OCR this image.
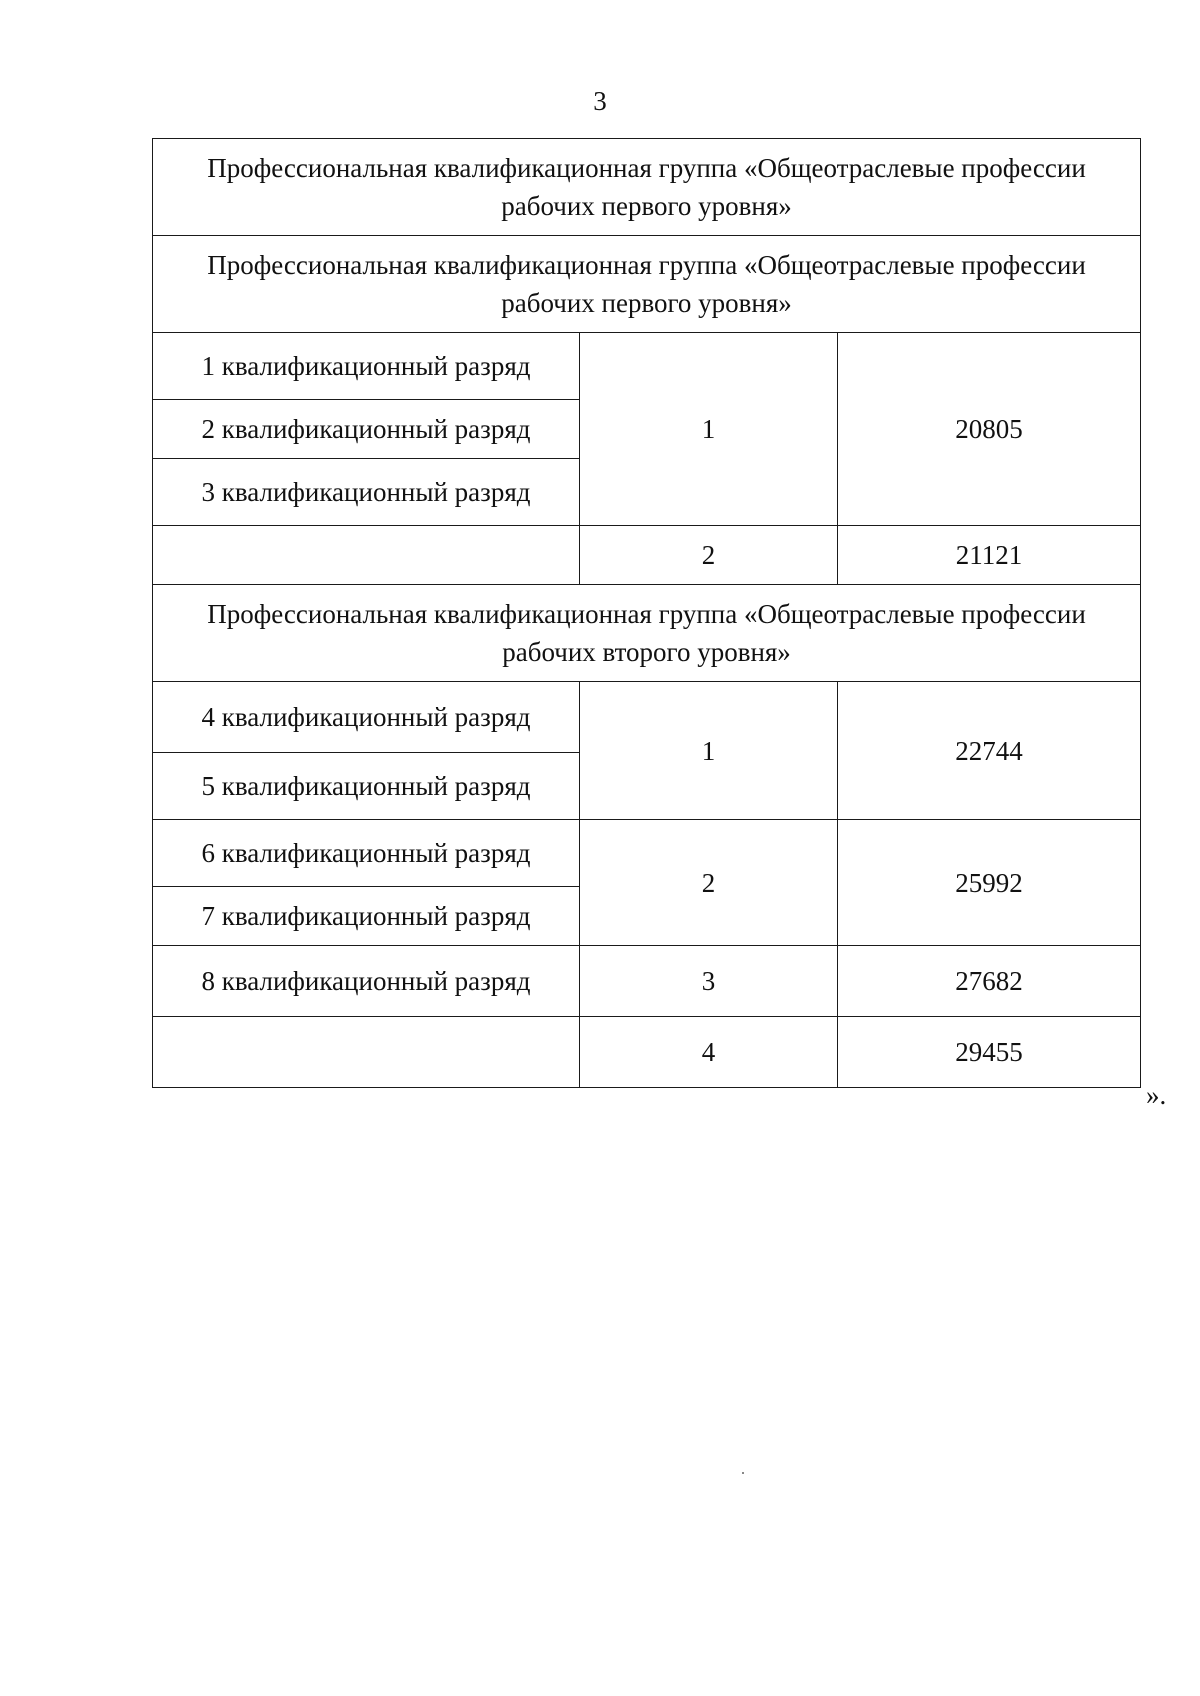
3
Профессиональная квалификационная группа «Общеотраслевые профессии рабочих первого уровня»		
Профессиональная квалификационная группа «Общеотраслевые профессии рабочих первого уровня»		
1 квалификационный разряд	1	20805
2 квалификационный разряд		
3 квалификационный разряд		
	2	21121
Профессиональная квалификационная группа «Общеотраслевые профессии рабочих второго уровня»		
4 квалификационный разряд	1	22744
5 квалификационный разряд		
6 квалификационный разряд	2	25992
7 квалификационный разряд		
8 квалификационный разряд	3	27682
	4	29455
».
